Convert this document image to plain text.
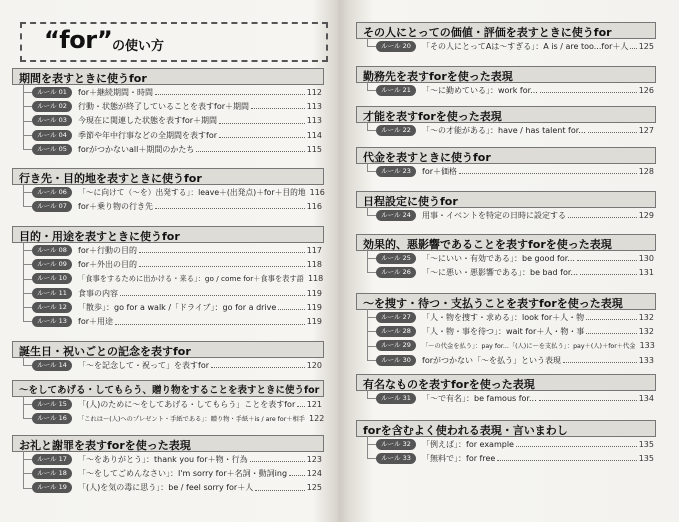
“for” の使い方
期間を表すときに使うfor
ルール 01	for＋継続期間・時間	112
ルール 02	行動・状態が終了していることを表すfor＋期間	113
ルール 03	今現在に関連した状態を表すfor＋期間	113
ルール 04	季節や年中行事などの全期間を表すfor	114
ルール 05	forがつかないall＋期間のかたち	115
行き先・目的地を表すときに使うfor
ルール 06	「～に向けて（～を）出発する」：leave＋(出発点)＋for＋目的地 116
ルール 07	for＋乗り物の行き先	116
目的・用途を表すときに使うfor
ルール 08	for＋行動の目的	117
ルール 09	for＋外出の目的	118
ルール 10	「食事をするために出かける・来る」：go / come for＋食事を表す語 118
ルール 11	食事の内容	119
ルール 12	「散歩」：go for a walk /「ドライブ」：go for a drive	119
ルール 13	for＋用途	119
誕生日・祝いごとの記念を表すfor
ルール 14	「～を記念して・祝って」を表すfor	120
～をしてあげる・してもらう、贈り物をすることを表すときに使うfor
ルール 15	「(人)のために～をしてあげる・してもらう」ことを表すfor 121
ルール 16	「これは～(人)へのプレゼント・手紙である」：贈り物・手紙＋is / are for＋相手 122
お礼と謝罪を表すforを使った表現
ルール 17	「～をありがとう」：thank you for＋物・行為	123
ルール 18	「～をしてごめんなさい」：I'm sorry for＋名詞・動詞ing 124
ルール 19	「(人)を気の毒に思う」：be / feel sorry for＋人	125
その人にとっての価値・評価を表すときに使うfor
ルール 20	「その人にとってAは～すぎる」：A is / are too...for＋人 125
勤務先を表すforを使った表現
ルール 21	「～に勤めている」：work for...	126
才能を表すforを使った表現
ルール 22	「～の才能がある」：have / has talent for...	127
代金を表すときに使うfor
ルール 23	for＋価格	128
日程設定に使うfor
ルール 24	用事・イベントを特定の日時に設定する	129
効果的、悪影響であることを表すforを使った表現
ルール 25	「～にいい・有効である」：be good for...	130
ルール 26	「～に悪い・悪影響である」：be bad for...	131
～を捜す・待つ・支払うことを表すforを使った表現
ルール 27	「人・物を捜す・求める」：look for＋人・物	132
ルール 28	「人・物・事を待つ」：wait for＋人・物・事	132
ルール 29	「～の代金を払う」：pay for...「(人)に～を支払う」：pay＋(人)＋for＋代金 133
ルール 30	forがつかない「～を払う」という表現	133
有名なものを表すforを使った表現
ルール 31	「～で有名」：be famous for...	134
forを含むよく使われる表現・言いまわし
ルール 32	「例えば」：for example	135
ルール 33	「無料で」：for free	135
